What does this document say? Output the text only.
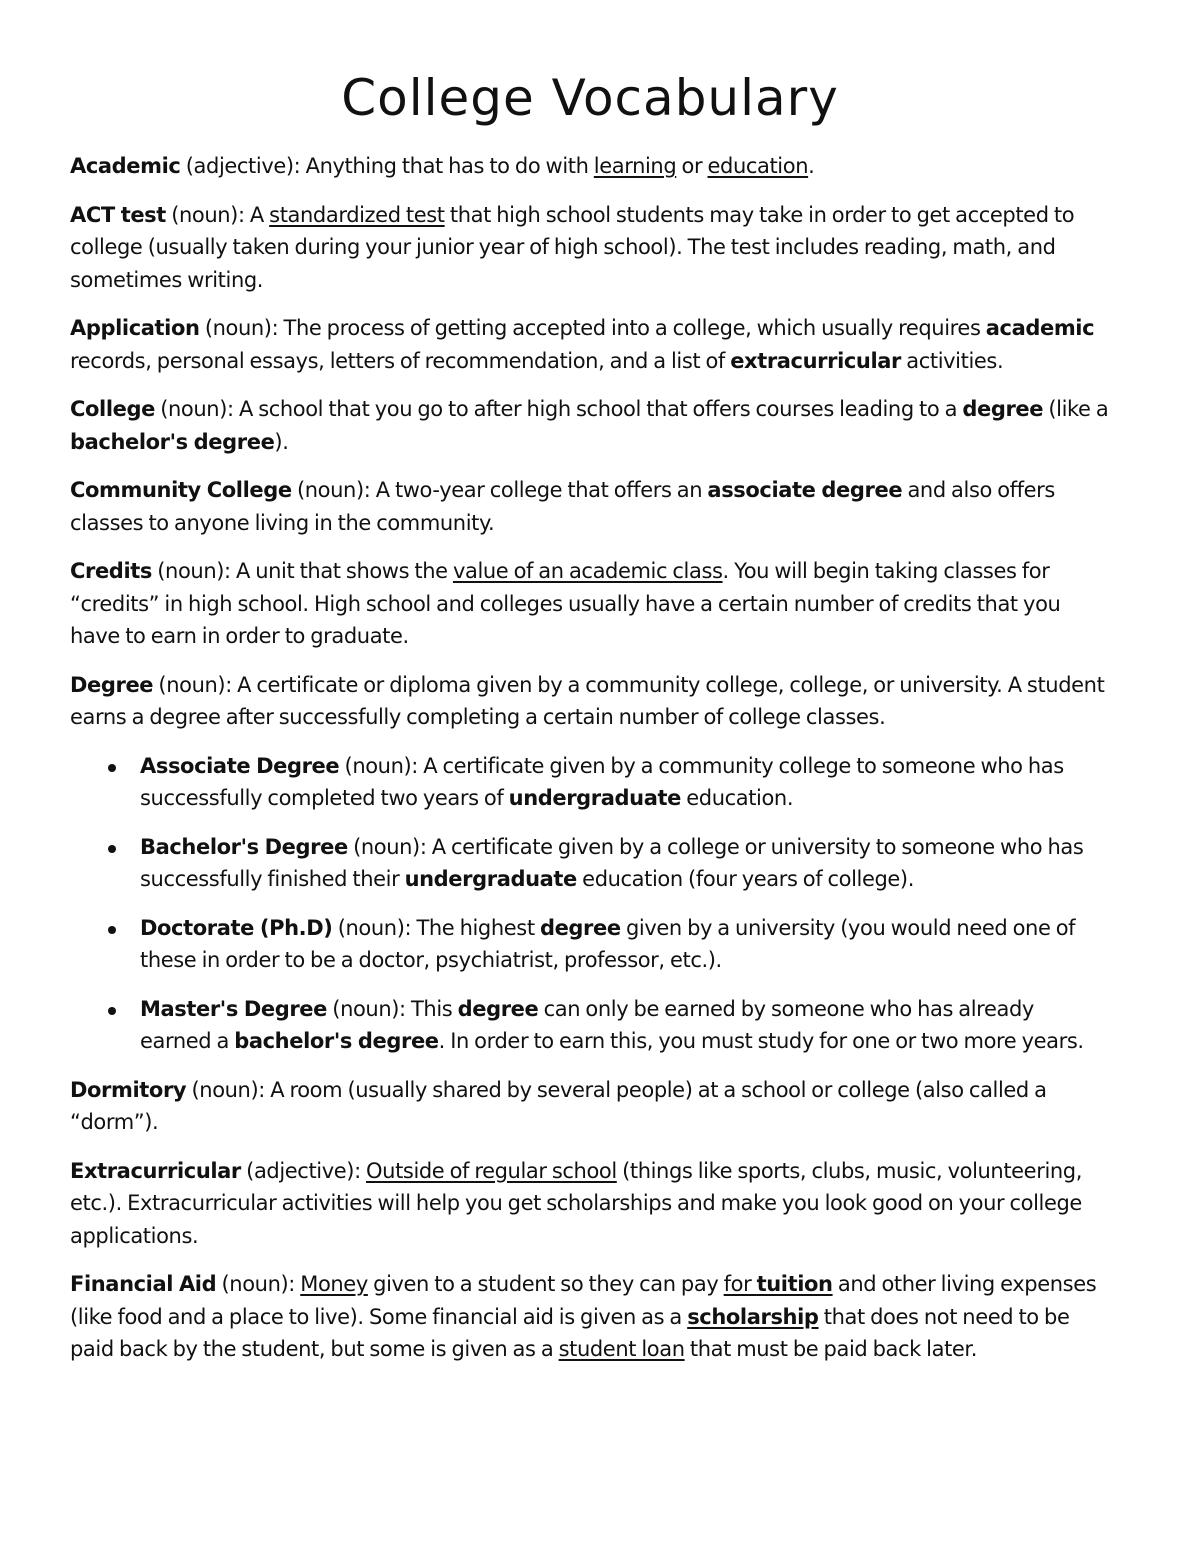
College Vocabulary

Academic (adjective): Anything that has to do with learning or education.

ACT test (noun): A standardized test that high school students may take in order to get accepted to college (usually taken during your junior year of high school). The test includes reading, math, and sometimes writing.

Application (noun): The process of getting accepted into a college, which usually requires academic records, personal essays, letters of recommendation, and a list of extracurricular activities.

College (noun): A school that you go to after high school that offers courses leading to a degree (like a bachelor's degree).

Community College (noun): A two-year college that offers an associate degree and also offers classes to anyone living in the community.

Credits (noun): A unit that shows the value of an academic class. You will begin taking classes for “credits” in high school. High school and colleges usually have a certain number of credits that you have to earn in order to graduate.

Degree (noun): A certificate or diploma given by a community college, college, or university. A student earns a degree after successfully completing a certain number of college classes.

Associate Degree (noun): A certificate given by a community college to someone who has successfully completed two years of undergraduate education.
Bachelor's Degree (noun): A certificate given by a college or university to someone who has successfully finished their undergraduate education (four years of college).
Doctorate (Ph.D) (noun): The highest degree given by a university (you would need one of these in order to be a doctor, psychiatrist, professor, etc.).
Master's Degree (noun): This degree can only be earned by someone who has already earned a bachelor's degree. In order to earn this, you must study for one or two more years.

Dormitory (noun): A room (usually shared by several people) at a school or college (also called a “dorm”).

Extracurricular (adjective): Outside of regular school (things like sports, clubs, music, volunteering, etc.). Extracurricular activities will help you get scholarships and make you look good on your college applications.

Financial Aid (noun): Money given to a student so they can pay for tuition and other living expenses (like food and a place to live). Some financial aid is given as a scholarship that does not need to be paid back by the student, but some is given as a student loan that must be paid back later.
